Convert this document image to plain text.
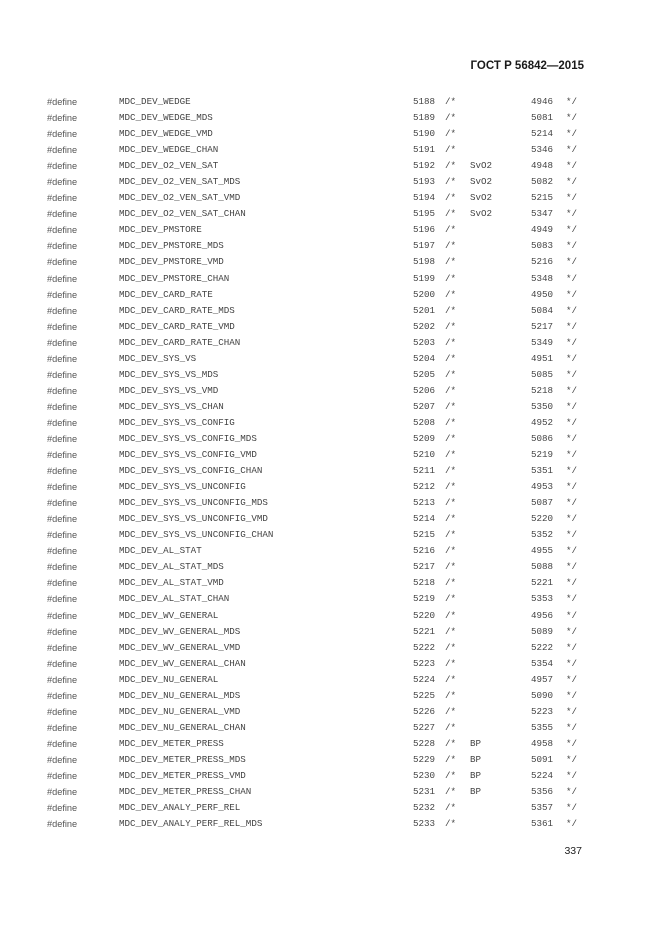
ГОСТ Р 56842—2015
#define	MDC_DEV_WEDGE	5188 /*	4946 */
#define	MDC_DEV_WEDGE_MDS	5189 /*	5081 */
#define	MDC_DEV_WEDGE_VMD	5190 /*	5214 */
#define	MDC_DEV_WEDGE_CHAN	5191 /*	5346 */
#define	MDC_DEV_O2_VEN_SAT	5192 /* SvO2	4948 */
#define	MDC_DEV_O2_VEN_SAT_MDS	5193 /* SvO2	5082 */
#define	MDC_DEV_O2_VEN_SAT_VMD	5194 /* SvO2	5215 */
#define	MDC_DEV_O2_VEN_SAT_CHAN	5195 /* SvO2	5347 */
#define	MDC_DEV_PMSTORE	5196 /*	4949 */
#define	MDC_DEV_PMSTORE_MDS	5197 /*	5083 */
#define	MDC_DEV_PMSTORE_VMD	5198 /*	5216 */
#define	MDC_DEV_PMSTORE_CHAN	5199 /*	5348 */
#define	MDC_DEV_CARD_RATE	5200 /*	4950 */
#define	MDC_DEV_CARD_RATE_MDS	5201 /*	5084 */
#define	MDC_DEV_CARD_RATE_VMD	5202 /*	5217 */
#define	MDC_DEV_CARD_RATE_CHAN	5203 /*	5349 */
#define	MDC_DEV_SYS_VS	5204 /*	4951 */
#define	MDC_DEV_SYS_VS_MDS	5205 /*	5085 */
#define	MDC_DEV_SYS_VS_VMD	5206 /*	5218 */
#define	MDC_DEV_SYS_VS_CHAN	5207 /*	5350 */
#define	MDC_DEV_SYS_VS_CONFIG	5208 /*	4952 */
#define	MDC_DEV_SYS_VS_CONFIG_MDS	5209 /*	5086 */
#define	MDC_DEV_SYS_VS_CONFIG_VMD	5210 /*	5219 */
#define	MDC_DEV_SYS_VS_CONFIG_CHAN	5211 /*	5351 */
#define	MDC_DEV_SYS_VS_UNCONFIG	5212 /*	4953 */
#define	MDC_DEV_SYS_VS_UNCONFIG_MDS	5213 /*	5087 */
#define	MDC_DEV_SYS_VS_UNCONFIG_VMD	5214 /*	5220 */
#define	MDC_DEV_SYS_VS_UNCONFIG_CHAN	5215 /*	5352 */
#define	MDC_DEV_AL_STAT	5216 /*	4955 */
#define	MDC_DEV_AL_STAT_MDS	5217 /*	5088 */
#define	MDC_DEV_AL_STAT_VMD	5218 /*	5221 */
#define	MDC_DEV_AL_STAT_CHAN	5219 /*	5353 */
#define	MDC_DEV_WV_GENERAL	5220 /*	4956 */
#define	MDC_DEV_WV_GENERAL_MDS	5221 /*	5089 */
#define	MDC_DEV_WV_GENERAL_VMD	5222 /*	5222 */
#define	MDC_DEV_WV_GENERAL_CHAN	5223 /*	5354 */
#define	MDC_DEV_NU_GENERAL	5224 /*	4957 */
#define	MDC_DEV_NU_GENERAL_MDS	5225 /*	5090 */
#define	MDC_DEV_NU_GENERAL_VMD	5226 /*	5223 */
#define	MDC_DEV_NU_GENERAL_CHAN	5227 /*	5355 */
#define	MDC_DEV_METER_PRESS	5228 /* BP	4958 */
#define	MDC_DEV_METER_PRESS_MDS	5229 /* BP	5091 */
#define	MDC_DEV_METER_PRESS_VMD	5230 /* BP	5224 */
#define	MDC_DEV_METER_PRESS_CHAN	5231 /* BP	5356 */
#define	MDC_DEV_ANALY_PERF_REL	5232 /*	5357 */
#define	MDC_DEV_ANALY_PERF_REL_MDS	5233 /*	5361 */
337
